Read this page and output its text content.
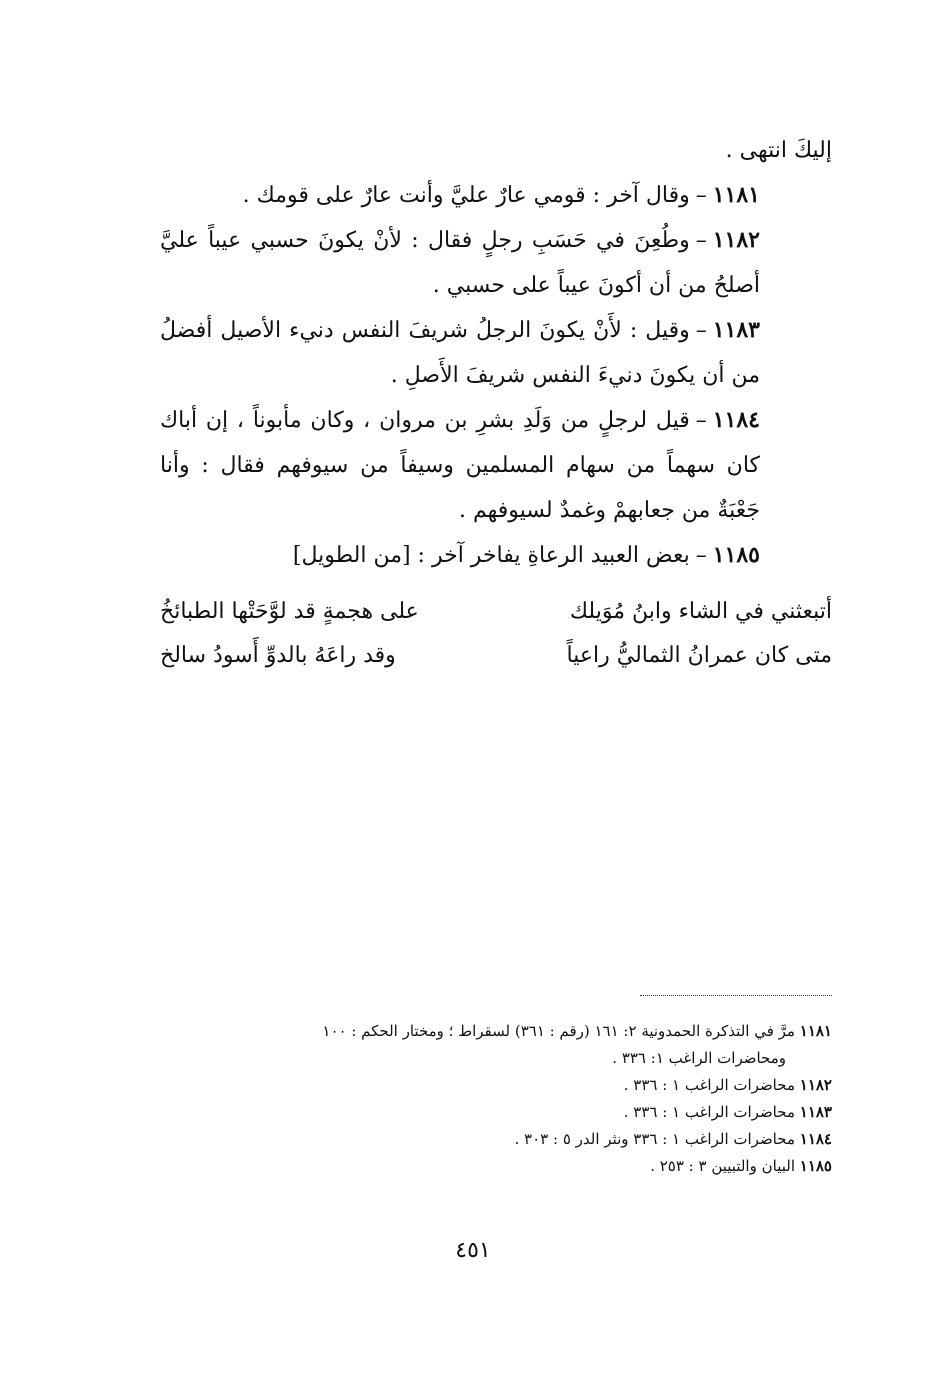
إليكَ انتهى .

١١٨١–وقال آخر : قومي عارٌ عليَّ وأنت عارٌ على قومك .

١١٨٢–وطُعِنَ في حَسَبِ رجلٍ فقال : لأنْ يكونَ حسبي عيباً عليَّ أصلحُ من أن أكونَ عيباً على حسبي .

١١٨٣–وقيل : لأَنْ يكونَ الرجلُ شريفَ النفس دنيء الأصيل أفضلُ من أن يكونَ دنيءَ النفس شريفَ الأَصلِ .

١١٨٤–قيل لرجلٍ من وَلَدِ بشرِ بن مروان ، وكان مأبوناً ، إن أباك كان سهماً من سهام المسلمين وسيفاً من سيوفهم فقال : وأنا جَعْبَةٌ من جعابهمْ وغمدٌ لسيوفهم .

١١٨٥–بعض العبيد الرعاةِ يفاخر آخر : [من الطويل]

أتبعثني في الشاء وابنُ مُوَيلك
على هجمةٍ قد لوَّحَتْها الطبائخُ
متى كان عمرانُ الثماليُّ راعياً
وقد راعَهُ بالدوِّ أَسودُ سالخ

١١٨١ مرَّ في التذكرة الحمدونية ٢: ١٦١ (رقم : ٣٦١) لسقراط ؛ ومختار الحكم : ١٠٠

ومحاضرات الراغب ١: ٣٣٦ .

١١٨٢ محاضرات الراغب ١ : ٣٣٦ .

١١٨٣ محاضرات الراغب ١ : ٣٣٦ .

١١٨٤ محاضرات الراغب ١ : ٣٣٦ ونثر الدر ٥ : ٣٠٣ .

١١٨٥ البيان والتبيين ٣ : ٢٥٣ .

٤٥١
